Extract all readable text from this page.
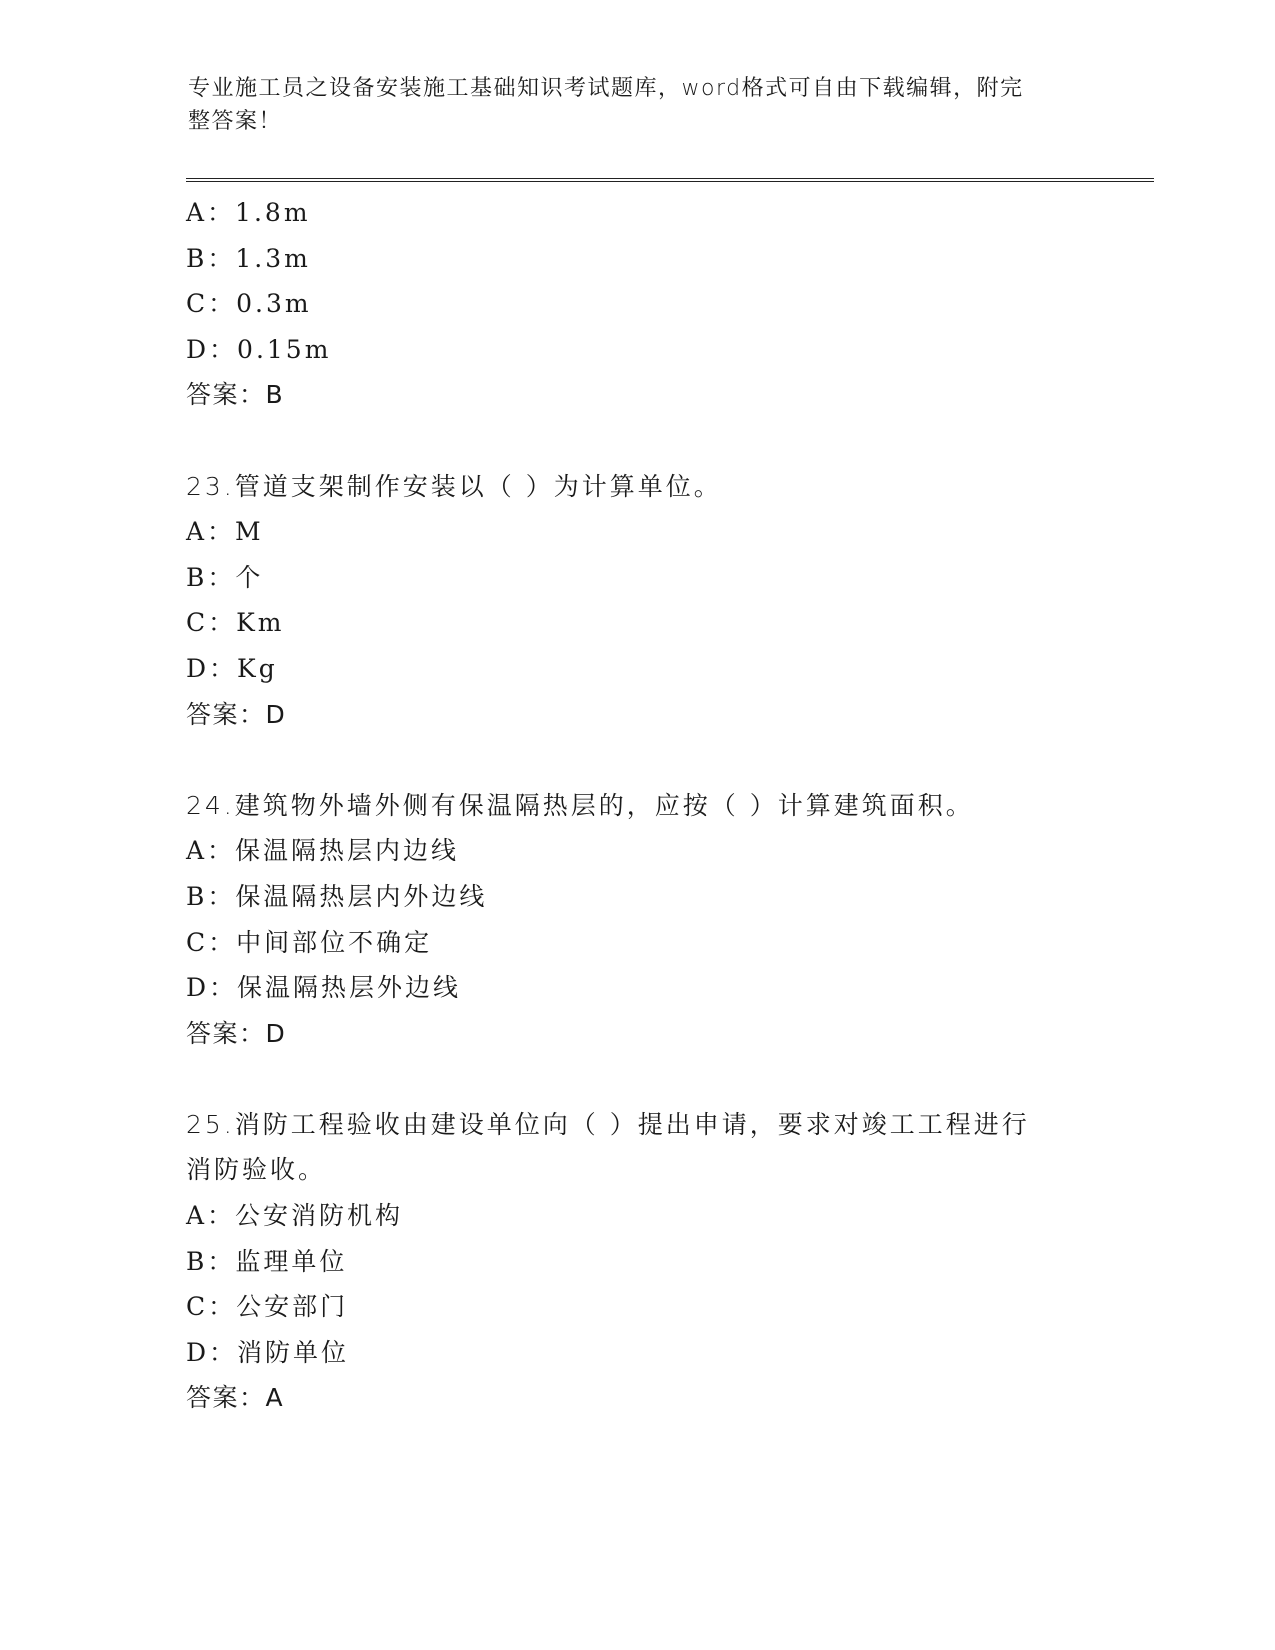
专业施工员之设备安装施工基础知识考试题库，word格式可自由下载编辑，附完
整答案！
A：1.8m
B：1.3m
C：0.3m
D：0.15m
答案：B
23.管道支架制作安装以（ ）为计算单位。
A：M
B：个
C：Km
D：Kg
答案：D
24.建筑物外墙外侧有保温隔热层的，应按（ ）计算建筑面积。
A：保温隔热层内边线
B：保温隔热层内外边线
C：中间部位不确定
D：保温隔热层外边线
答案：D
25.消防工程验收由建设单位向（ ）提出申请，要求对竣工工程进行
消防验收。
A：公安消防机构
B：监理单位
C：公安部门
D：消防单位
答案：A
